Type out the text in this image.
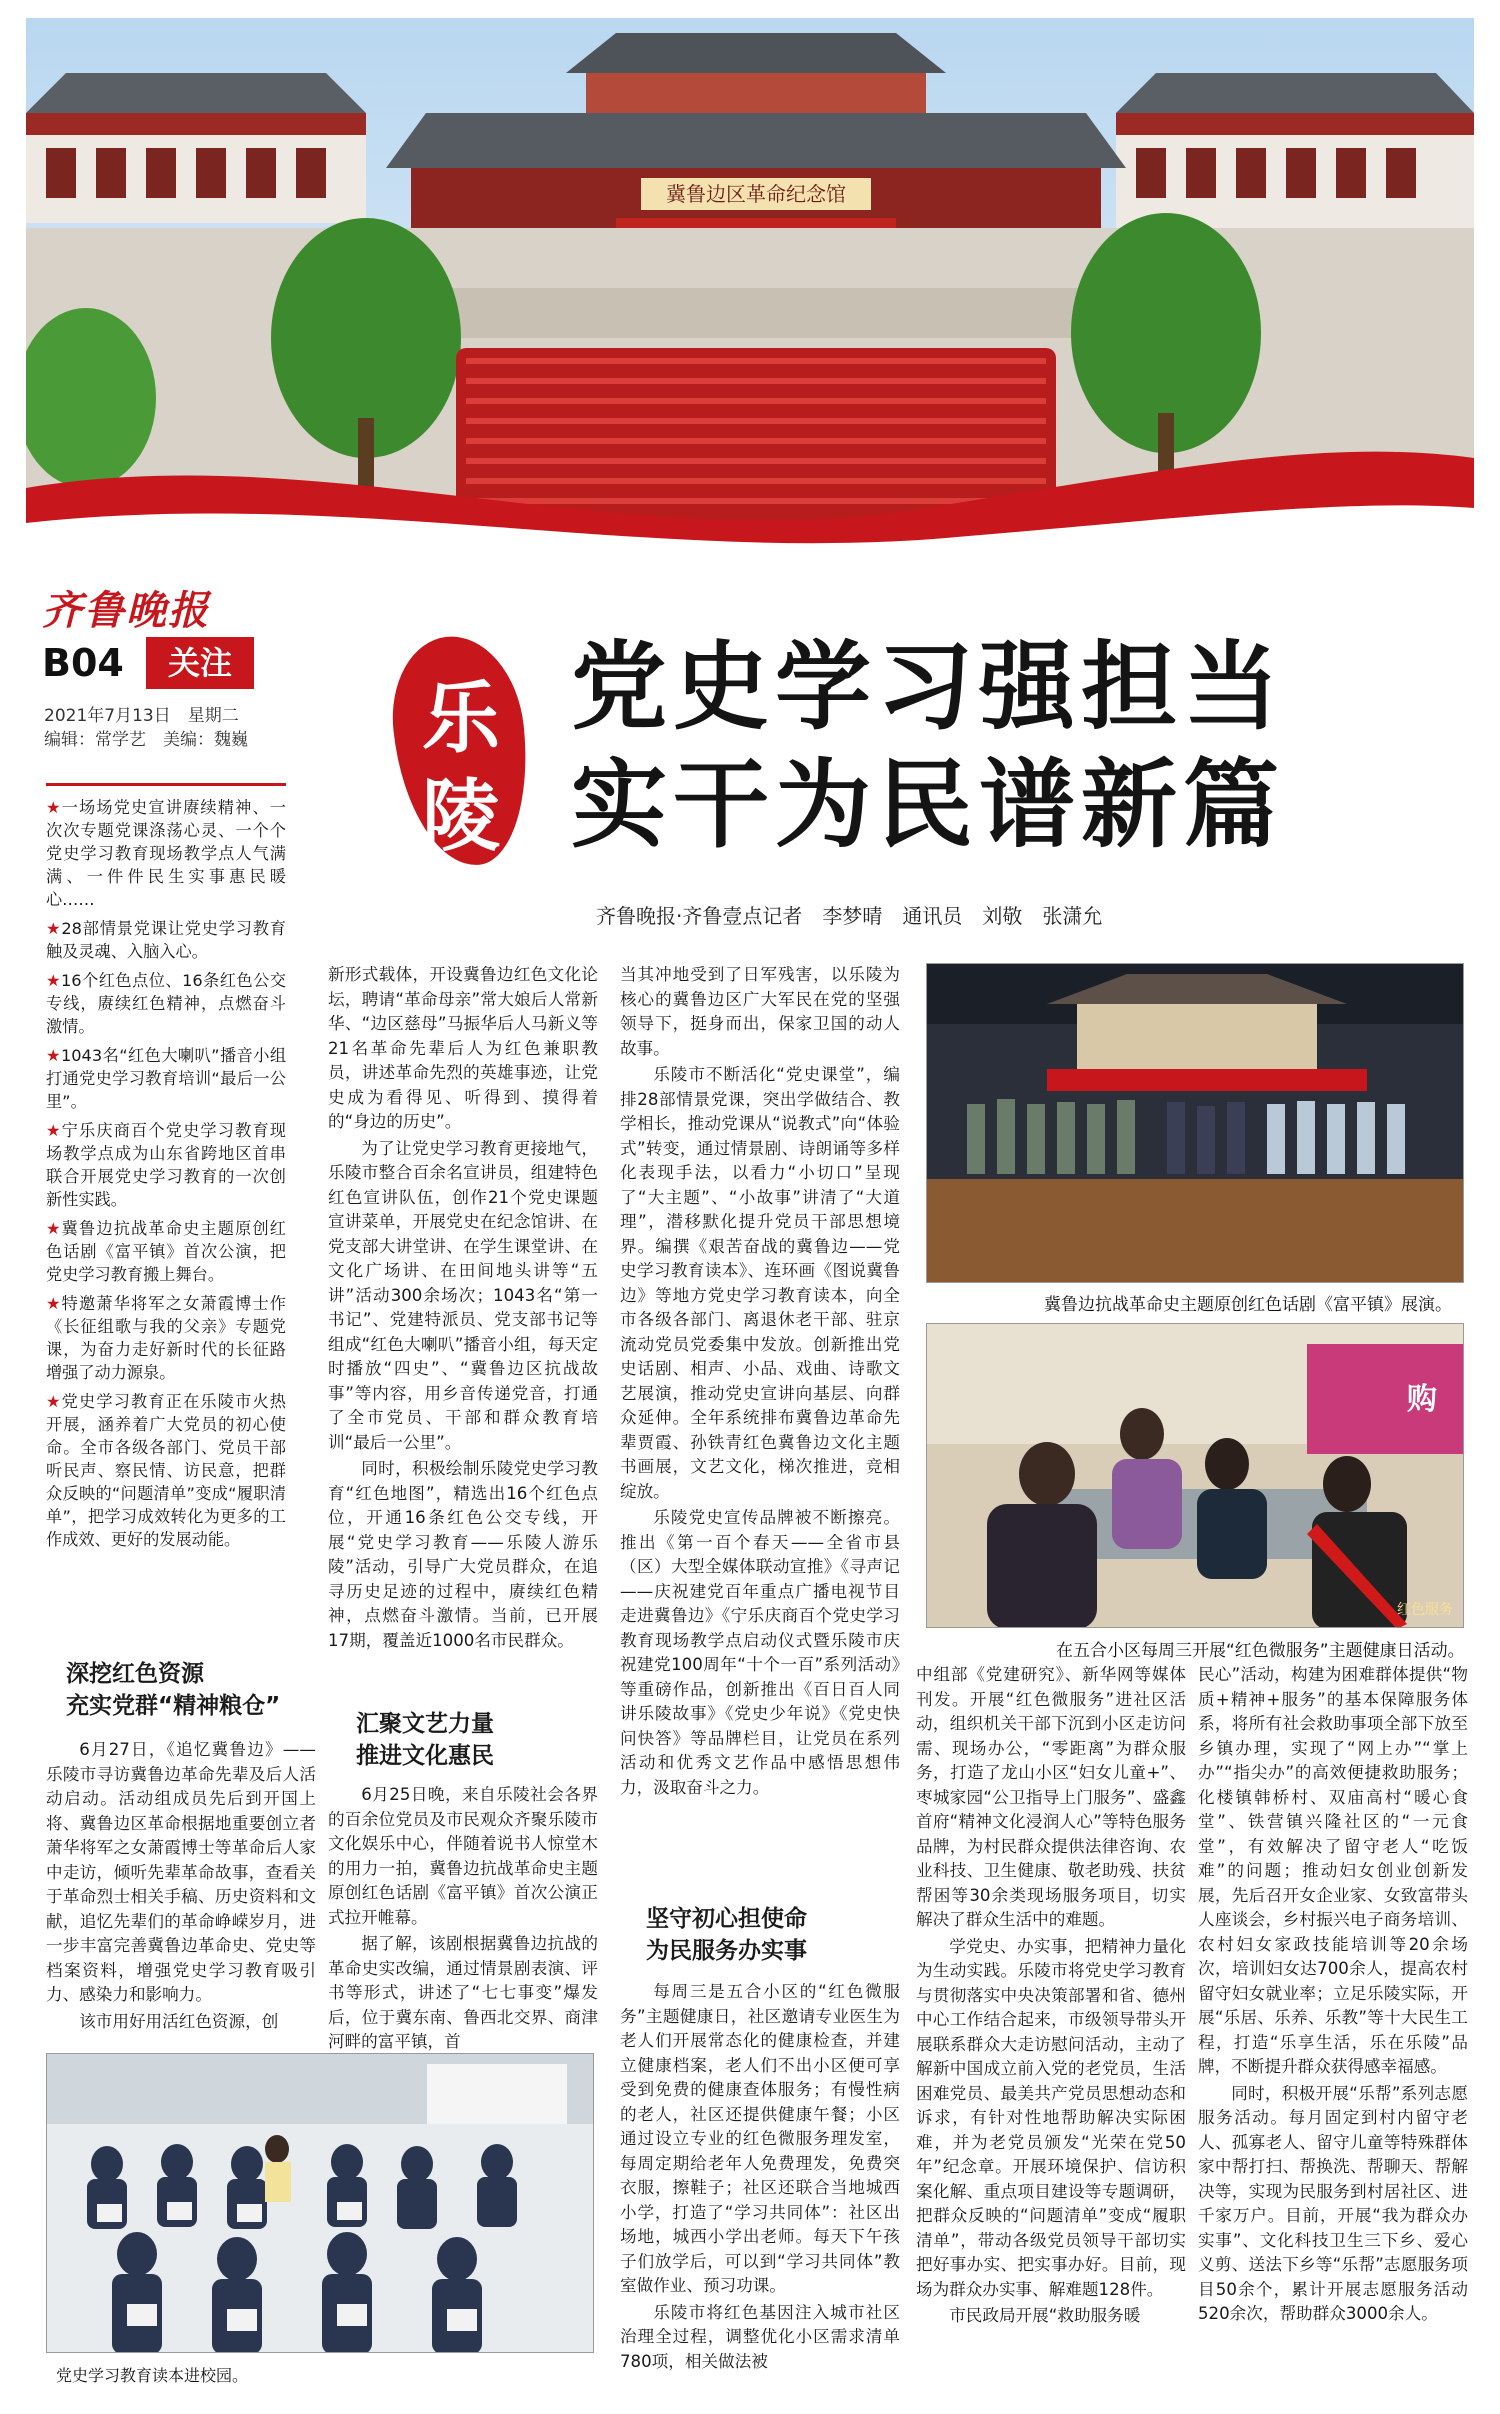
冀鲁边区革命纪念馆
齐鲁晚报
B04	关注
2021年7月13日　星期二
编辑：常学艺　美编：魏巍	乐
陵
党史学习强担当
实干为民谱新篇
齐鲁晚报·齐鲁壹点记者　李梦晴　通讯员　刘敬　张潇允

★一场场党史宣讲赓续精神、一次次专题党课涤荡心灵、一个个党史学习教育现场教学点人气满满、一件件民生实事惠民暖心……

★28部情景党课让党史学习教育触及灵魂、入脑入心。

★16个红色点位、16条红色公交专线，赓续红色精神，点燃奋斗激情。

★1043名“红色大喇叭”播音小组打通党史学习教育培训“最后一公里”。

★宁乐庆商百个党史学习教育现场教学点成为山东省跨地区首串联合开展党史学习教育的一次创新性实践。

★冀鲁边抗战革命史主题原创红色话剧《富平镇》首次公演，把党史学习教育搬上舞台。

★特邀萧华将军之女萧霞博士作《长征组歌与我的父亲》专题党课，为奋力走好新时代的长征路增强了动力源泉。

★党史学习教育正在乐陵市火热开展，涵养着广大党员的初心使命。全市各级各部门、党员干部听民声、察民情、访民意，把群众反映的“问题清单”变成“履职清单”，把学习成效转化为更多的工作成效、更好的发展动能。

深挖红色资源
充实党群“精神粮仓”

6月27日，《追忆冀鲁边》——乐陵市寻访冀鲁边革命先辈及后人活动启动。活动组成员先后到开国上将、冀鲁边区革命根据地重要创立者萧华将军之女萧霞博士等革命后人家中走访，倾听先辈革命故事，查看关于革命烈士相关手稿、历史资料和文献，追忆先辈们的革命峥嵘岁月，进一步丰富完善冀鲁边革命史、党史等档案资料，增强党史学习教育吸引力、感染力和影响力。

该市用好用活红色资源，创

新形式载体，开设冀鲁边红色文化论坛，聘请“革命母亲”常大娘后人常新华、“边区慈母”马振华后人马新义等21名革命先辈后人为红色兼职教员，讲述革命先烈的英雄事迹，让党史成为看得见、听得到、摸得着的“身边的历史”。

为了让党史学习教育更接地气，乐陵市整合百余名宣讲员，组建特色红色宣讲队伍，创作21个党史课题宣讲菜单，开展党史在纪念馆讲、在党支部大讲堂讲、在学生课堂讲、在文化广场讲、在田间地头讲等“五讲”活动300余场次；1043名“第一书记”、党建特派员、党支部书记等组成“红色大喇叭”播音小组，每天定时播放“四史”、“冀鲁边区抗战故事”等内容，用乡音传递党音，打通了全市党员、干部和群众教育培训“最后一公里”。

同时，积极绘制乐陵党史学习教育“红色地图”，精选出16个红色点位，开通16条红色公交专线，开展“党史学习教育——乐陵人游乐陵”活动，引导广大党员群众，在追寻历史足迹的过程中，赓续红色精神，点燃奋斗激情。当前，已开展17期，覆盖近1000名市民群众。

汇聚文艺力量
推进文化惠民

6月25日晚，来自乐陵社会各界的百余位党员及市民观众齐聚乐陵市文化娱乐中心，伴随着说书人惊堂木的用力一拍，冀鲁边抗战革命史主题原创红色话剧《富平镇》首次公演正式拉开帷幕。

据了解，该剧根据冀鲁边抗战的革命史实改编，通过情景剧表演、评书等形式，讲述了“七七事变”爆发后，位于冀东南、鲁西北交界、商津河畔的富平镇，首

当其冲地受到了日军残害，以乐陵为核心的冀鲁边区广大军民在党的坚强领导下，挺身而出，保家卫国的动人故事。

乐陵市不断活化“党史课堂”，编排28部情景党课，突出学做结合、教学相长，推动党课从“说教式”向“体验式”转变，通过情景剧、诗朗诵等多样化表现手法，以看力“小切口”呈现了“大主题”、“小故事”讲清了“大道理”，潜移默化提升党员干部思想境界。编撰《艰苦奋战的冀鲁边——党史学习教育读本》、连环画《图说冀鲁边》等地方党史学习教育读本，向全市各级各部门、离退休老干部、驻京流动党员党委集中发放。创新推出党史话剧、相声、小品、戏曲、诗歌文艺展演，推动党史宣讲向基层、向群众延伸。全年系统排布冀鲁边革命先辈贾霞、孙铁青红色冀鲁边文化主题书画展，文艺文化，梯次推进，竞相绽放。

乐陵党史宣传品牌被不断擦亮。推出《第一百个春天——全省市县（区）大型全媒体联动宣推》《寻声记——庆祝建党百年重点广播电视节目走进冀鲁边》《宁乐庆商百个党史学习教育现场教学点启动仪式暨乐陵市庆祝建党100周年“十个一百”系列活动》等重磅作品，创新推出《百日百人同讲乐陵故事》《党史少年说》《党史快问快答》等品牌栏目，让党员在系列活动和优秀文艺作品中感悟思想伟力，汲取奋斗之力。

坚守初心担使命
为民服务办实事

每周三是五合小区的“红色微服务”主题健康日，社区邀请专业医生为老人们开展常态化的健康检查，并建立健康档案，老人们不出小区便可享受到免费的健康查体服务；有慢性病的老人，社区还提供健康午餐；小区通过设立专业的红色微服务理发室，每周定期给老年人免费理发，免费突衣服，擦鞋子；社区还联合当地城西小学，打造了“学习共同体”：社区出场地，城西小学出老师。每天下午孩子们放学后，可以到“学习共同体”教室做作业、预习功课。

乐陵市将红色基因注入城市社区治理全过程，调整优化小区需求清单780项，相关做法被

中组部《党建研究》、新华网等媒体刊发。开展“红色微服务”进社区活动，组织机关干部下沉到小区走访问需、现场办公，“零距离”为群众服务，打造了龙山小区“妇女儿童+”、枣城家园“公卫指导上门服务”、盛鑫首府“精神文化浸润人心”等特色服务品牌，为村民群众提供法律咨询、农业科技、卫生健康、敬老助残、扶贫帮困等30余类现场服务项目，切实解决了群众生活中的难题。

学党史、办实事，把精神力量化为生动实践。乐陵市将党史学习教育与贯彻落实中央决策部署和省、德州中心工作结合起来，市级领导带头开展联系群众大走访慰问活动，主动了解新中国成立前入党的老党员，生活困难党员、最美共产党员思想动态和诉求，有针对性地帮助解决实际困难，并为老党员颁发“光荣在党50年”纪念章。开展环境保护、信访积案化解、重点项目建设等专题调研，把群众反映的“问题清单”变成“履职清单”，带动各级党员领导干部切实把好事办实、把实事办好。目前，现场为群众办实事、解难题128件。

市民政局开展“救助服务暖

民心”活动，构建为困难群体提供“物质+精神+服务”的基本保障服务体系，将所有社会救助事项全部下放至乡镇办理，实现了“网上办”“掌上办”“指尖办”的高效便捷救助服务；化楼镇韩桥村、双庙高村“暖心食堂”、铁营镇兴隆社区的“一元食堂”，有效解决了留守老人“吃饭难”的问题；推动妇女创业创新发展，先后召开女企业家、女致富带头人座谈会，乡村振兴电子商务培训、农村妇女家政技能培训等20余场次，培训妇女达700余人，提高农村留守妇女就业率；立足乐陵实际，开展“乐居、乐养、乐教”等十大民生工程，打造“乐享生活，乐在乐陵”品牌，不断提升群众获得感幸福感。

同时，积极开展“乐帮”系列志愿服务活动。每月固定到村内留守老人、孤寡老人、留守儿童等特殊群体家中帮打扫、帮换洗、帮聊天、帮解决等，实现为民服务到村居社区、进千家万户。目前，开展“我为群众办实事”、文化科技卫生三下乡、爱心义剪、送法下乡等“乐帮”志愿服务项目50余个，累计开展志愿服务活动520余次，帮助群众3000余人。

冀鲁边抗战革命史主题原创红色话剧《富平镇》展演。
购
红色服务
在五合小区每周三开展“红色微服务”主题健康日活动。
党史学习教育读本进校园。
